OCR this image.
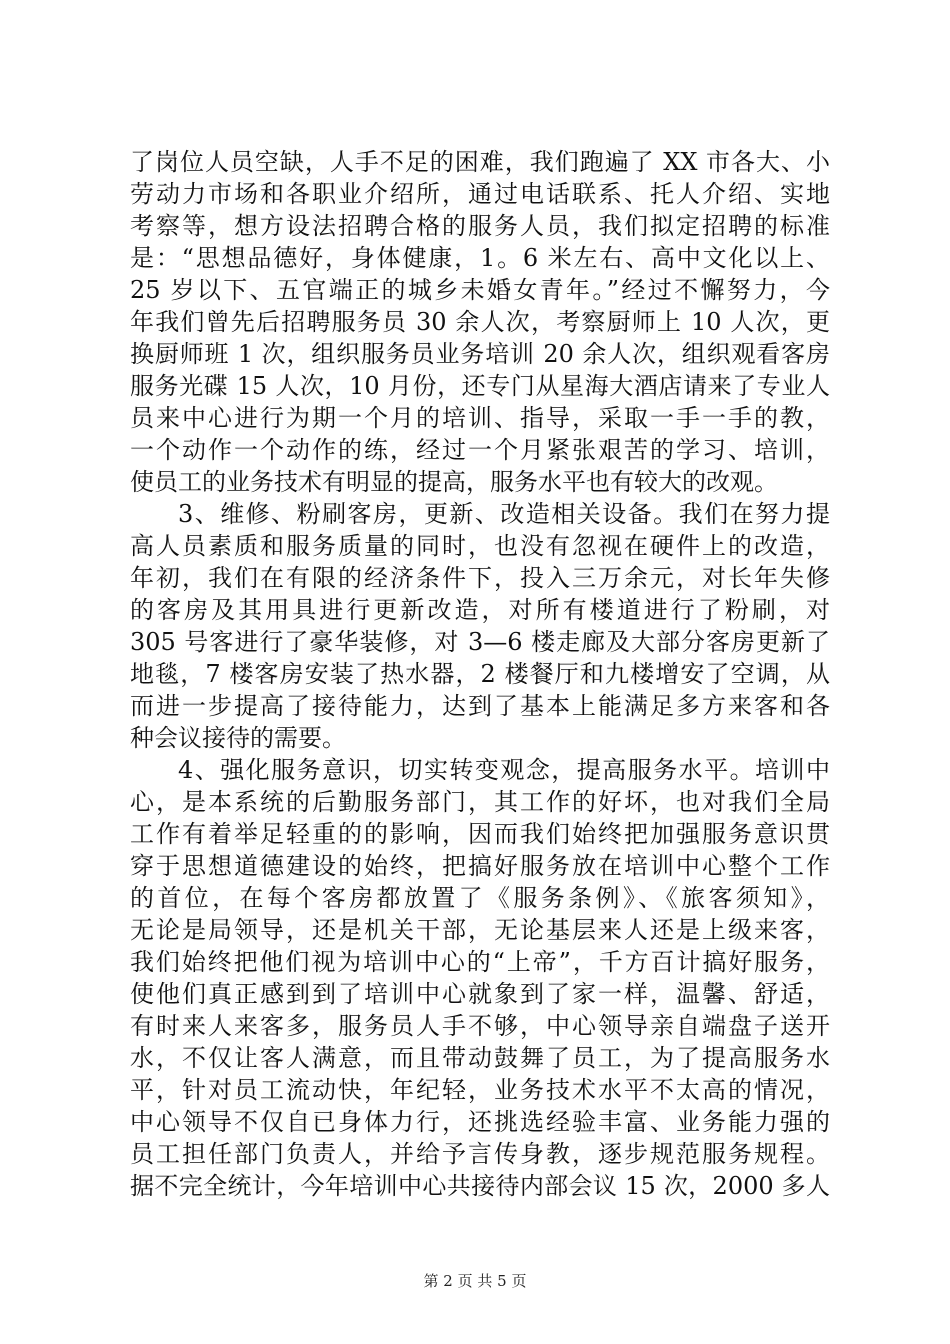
了岗位人员空缺，人手不足的困难，我们跑遍了 XX 市各大、小
劳动力市场和各职业介绍所，通过电话联系、托人介绍、实地
考察等，想方设法招聘合格的服务人员，我们拟定招聘的标准
是：“思想品德好，身体健康，1。6 米左右、高中文化以上、
25 岁以下、五官端正的城乡未婚女青年。”经过不懈努力，今
年我们曾先后招聘服务员 30 余人次，考察厨师上 10 人次，更
换厨师班 1 次，组织服务员业务培训 20 余人次，组织观看客房
服务光碟 15 人次，10 月份，还专门从星海大酒店请来了专业人
员来中心进行为期一个月的培训、指导，采取一手一手的教，
一个动作一个动作的练，经过一个月紧张艰苦的学习、培训，
使员工的业务技术有明显的提高，服务水平也有较大的改观。
3、维修、粉刷客房，更新、改造相关设备。我们在努力提
高人员素质和服务质量的同时，也没有忽视在硬件上的改造，
年初，我们在有限的经济条件下，投入三万余元，对长年失修
的客房及其用具进行更新改造，对所有楼道进行了粉刷，对
305 号客进行了豪华装修，对 3—6 楼走廊及大部分客房更新了
地毯，7 楼客房安装了热水器，2 楼餐厅和九楼增安了空调，从
而进一步提高了接待能力，达到了基本上能满足多方来客和各
种会议接待的需要。
4、强化服务意识，切实转变观念，提高服务水平。培训中
心，是本系统的后勤服务部门，其工作的好坏，也对我们全局
工作有着举足轻重的的影响，因而我们始终把加强服务意识贯
穿于思想道德建设的始终，把搞好服务放在培训中心整个工作
的首位，在每个客房都放置了《服务条例》、《旅客须知》，
无论是局领导，还是机关干部，无论基层来人还是上级来客，
我们始终把他们视为培训中心的“上帝”，千方百计搞好服务，
使他们真正感到到了培训中心就象到了家一样，温馨、舒适，
有时来人来客多，服务员人手不够，中心领导亲自端盘子送开
水，不仅让客人满意，而且带动鼓舞了员工，为了提高服务水
平，针对员工流动快，年纪轻，业务技术水平不太高的情况，
中心领导不仅自已身体力行，还挑选经验丰富、业务能力强的
员工担任部门负责人，并给予言传身教，逐步规范服务规程。
据不完全统计，今年培训中心共接待内部会议 15 次，2000 多人
第 2 页 共 5 页
